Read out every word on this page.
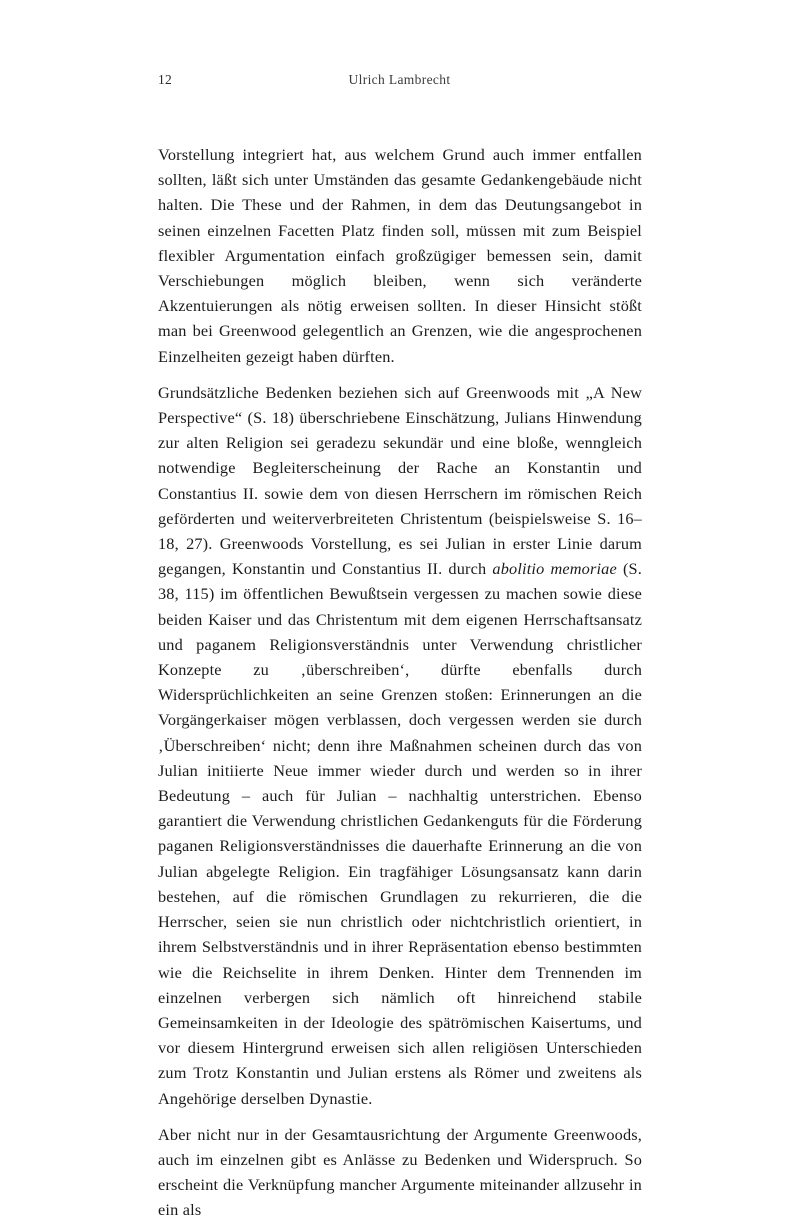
12	Ulrich Lambrecht

Vorstellung integriert hat, aus welchem Grund auch immer entfallen sollten, läßt sich unter Umständen das gesamte Gedankengebäude nicht halten. Die These und der Rahmen, in dem das Deutungsangebot in seinen einzelnen Facetten Platz finden soll, müssen mit zum Beispiel flexibler Argumentation einfach großzügiger bemessen sein, damit Verschiebungen möglich bleiben, wenn sich veränderte Akzentuierungen als nötig erweisen sollten. In dieser Hinsicht stößt man bei Greenwood gelegentlich an Grenzen, wie die angesprochenen Einzelheiten gezeigt haben dürften.

Grundsätzliche Bedenken beziehen sich auf Greenwoods mit „A New Perspective“ (S. 18) überschriebene Einschätzung, Julians Hinwendung zur alten Religion sei geradezu sekundär und eine bloße, wenngleich notwendige Begleiterscheinung der Rache an Konstantin und Constantius II. sowie dem von diesen Herrschern im römischen Reich geförderten und weiterverbreiteten Christentum (beispielsweise S. 16–18, 27). Greenwoods Vorstellung, es sei Julian in erster Linie darum gegangen, Konstantin und Constantius II. durch abolitio memoriae (S. 38, 115) im öffentlichen Bewußtsein vergessen zu machen sowie diese beiden Kaiser und das Christentum mit dem eigenen Herrschaftsansatz und paganem Religionsverständnis unter Verwendung christlicher Konzepte zu ‚überschreiben‘, dürfte ebenfalls durch Widersprüchlichkeiten an seine Grenzen stoßen: Erinnerungen an die Vorgängerkaiser mögen verblassen, doch vergessen werden sie durch ‚Überschreiben‘ nicht; denn ihre Maßnahmen scheinen durch das von Julian initiierte Neue immer wieder durch und werden so in ihrer Bedeutung – auch für Julian – nachhaltig unterstrichen. Ebenso garantiert die Verwendung christlichen Gedankenguts für die Förderung paganen Religionsverständnisses die dauerhafte Erinnerung an die von Julian abgelegte Religion. Ein tragfähiger Lösungsansatz kann darin bestehen, auf die römischen Grundlagen zu rekurrieren, die die Herrscher, seien sie nun christlich oder nichtchristlich orientiert, in ihrem Selbstverständnis und in ihrer Repräsentation ebenso bestimmten wie die Reichselite in ihrem Denken. Hinter dem Trennenden im einzelnen verbergen sich nämlich oft hinreichend stabile Gemeinsamkeiten in der Ideologie des spätrömischen Kaisertums, und vor diesem Hintergrund erweisen sich allen religiösen Unterschieden zum Trotz Konstantin und Julian erstens als Römer und zweitens als Angehörige derselben Dynastie.

Aber nicht nur in der Gesamtausrichtung der Argumente Greenwoods, auch im einzelnen gibt es Anlässe zu Bedenken und Widerspruch. So erscheint die Verknüpfung mancher Argumente miteinander allzusehr in ein als
